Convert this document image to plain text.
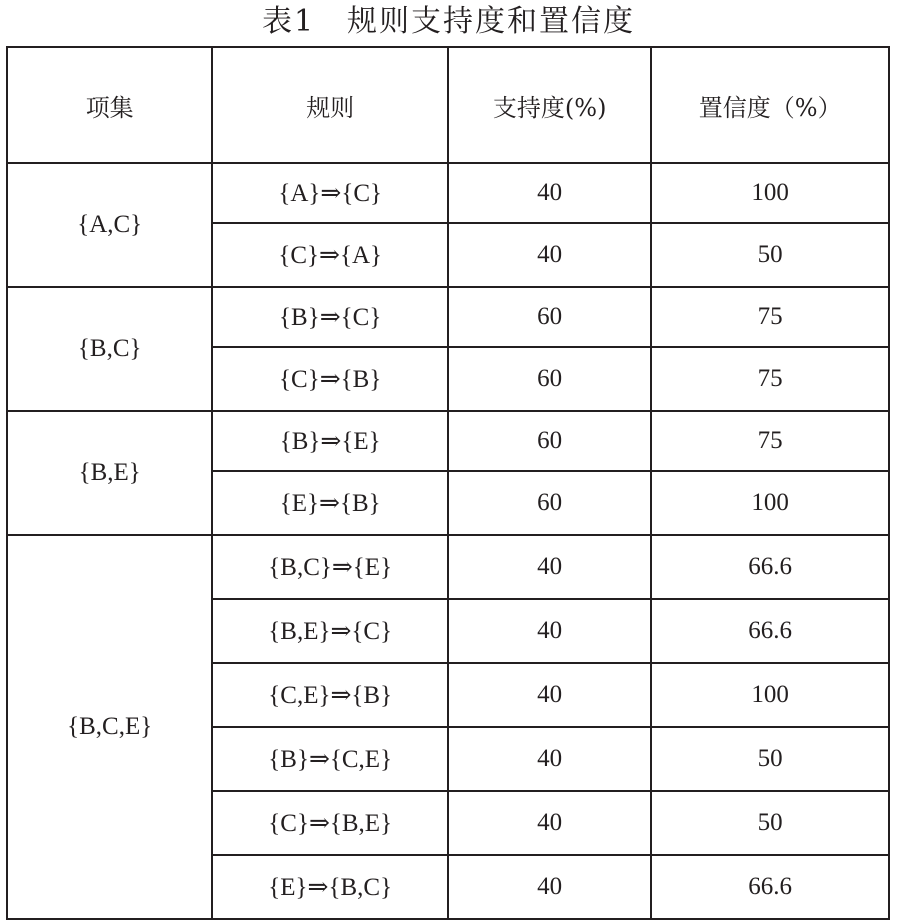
表1　规则支持度和置信度
项集	规则	支持度(%)	置信度（%）
{A,C}	{A}⇒{C}	40	100
	{C}⇒{A}	40	50
{B,C}	{B}⇒{C}	60	75
	{C}⇒{B}	60	75
{B,E}	{B}⇒{E}	60	75
	{E}⇒{B}	60	100
{B,C,E}	{B,C}⇒{E}	40	66.6
	{B,E}⇒{C}	40	66.6
	{C,E}⇒{B}	40	100
	{B}⇒{C,E}	40	50
	{C}⇒{B,E}	40	50
	{E}⇒{B,C}	40	66.6
